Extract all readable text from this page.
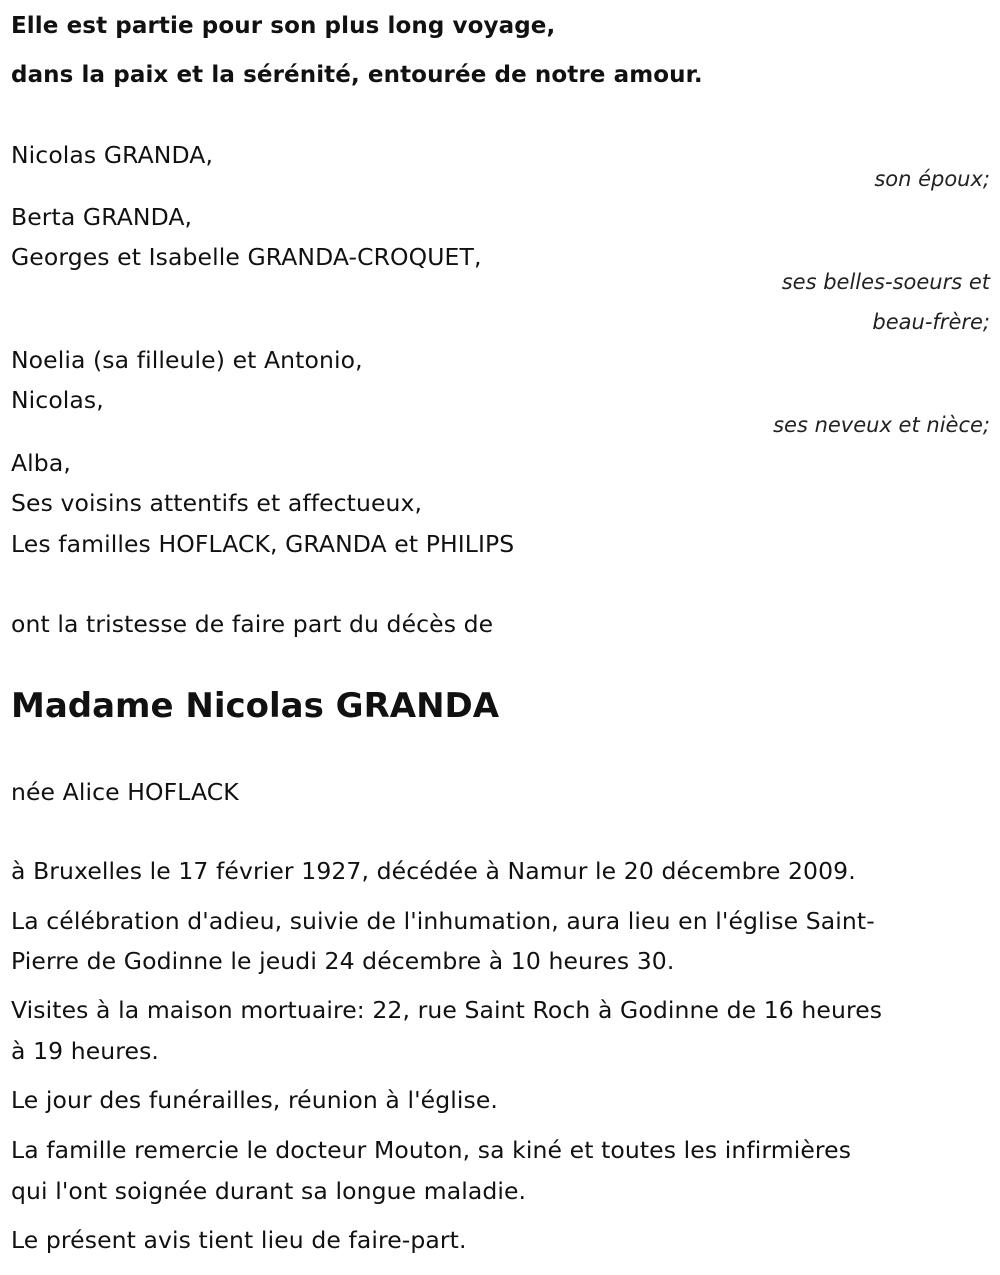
Elle est partie pour son plus long voyage,

dans la paix et la sérénité, entourée de notre amour.

Nicolas GRANDA,

son époux;

Berta GRANDA,

Georges et Isabelle GRANDA-CROQUET,

ses belles-soeurs et

beau-frère;

Noelia (sa filleule) et Antonio,

Nicolas,

ses neveux et nièce;

Alba,

Ses voisins attentifs et affectueux,

Les familles HOFLACK, GRANDA et PHILIPS

ont la tristesse de faire part du décès de

Madame Nicolas GRANDA

née Alice HOFLACK

à Bruxelles le 17 février 1927, décédée à Namur le 20 décembre 2009.

La célébration d'adieu, suivie de l'inhumation, aura lieu en l'église Saint-

Pierre de Godinne le jeudi 24 décembre à 10 heures 30.

Visites à la maison mortuaire: 22, rue Saint Roch à Godinne de 16 heures

à 19 heures.

Le jour des funérailles, réunion à l'église.

La famille remercie le docteur Mouton, sa kiné et toutes les infirmières

qui l'ont soignée durant sa longue maladie.

Le présent avis tient lieu de faire-part.
